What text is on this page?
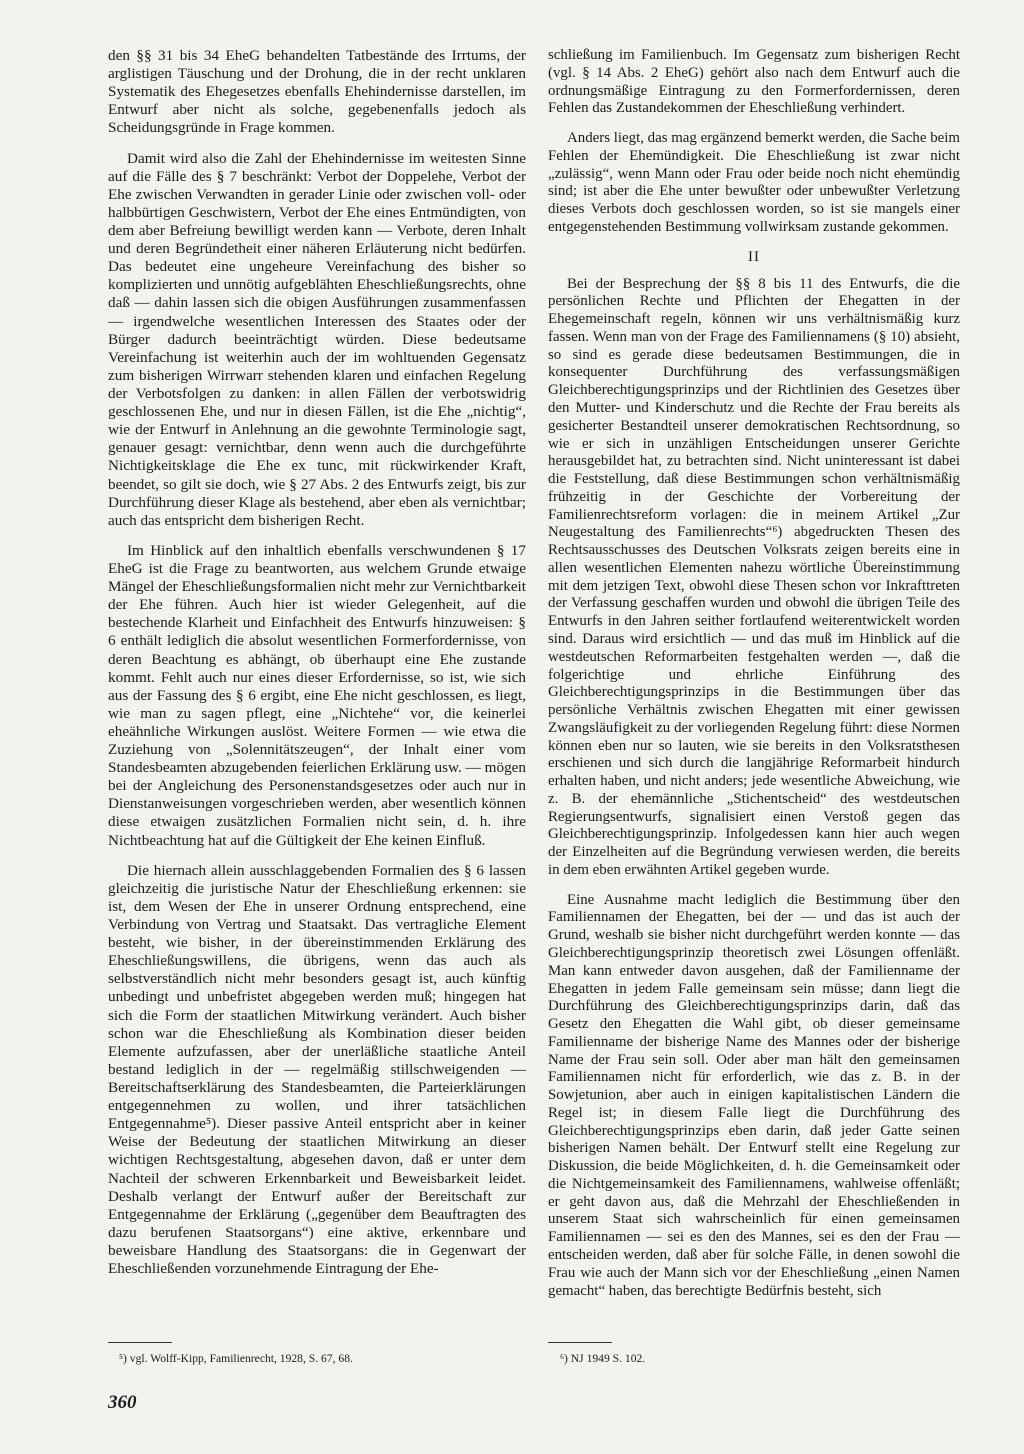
den §§ 31 bis 34 EheG behandelten Tatbestände des Irrtums, der arglistigen Täuschung und der Drohung, die in der recht unklaren Systematik des Ehegesetzes ebenfalls Ehehindernisse darstellen, im Entwurf aber nicht als solche, gegebenenfalls jedoch als Scheidungsgründe in Frage kommen.

Damit wird also die Zahl der Ehehindernisse im weitesten Sinne auf die Fälle des § 7 beschränkt: Verbot der Doppelehe, Verbot der Ehe zwischen Verwandten in gerader Linie oder zwischen voll- oder halbbürtigen Geschwistern, Verbot der Ehe eines Entmündigten, von dem aber Befreiung bewilligt werden kann — Verbote, deren Inhalt und deren Begründetheit einer näheren Erläuterung nicht bedürfen. Das bedeutet eine ungeheure Vereinfachung des bisher so komplizierten und unnötig aufgeblähten Eheschließungsrechts, ohne daß — dahin lassen sich die obigen Ausführungen zusammenfassen — irgendwelche wesentlichen Interessen des Staates oder der Bürger dadurch beeinträchtigt würden. Diese bedeutsame Vereinfachung ist weiterhin auch der im wohltuenden Gegensatz zum bisherigen Wirrwarr stehenden klaren und einfachen Regelung der Verbotsfolgen zu danken: in allen Fällen der verbotswidrig geschlossenen Ehe, und nur in diesen Fällen, ist die Ehe „nichtig“, wie der Entwurf in Anlehnung an die gewohnte Terminologie sagt, genauer gesagt: vernichtbar, denn wenn auch die durchgeführte Nichtigkeitsklage die Ehe ex tunc, mit rückwirkender Kraft, beendet, so gilt sie doch, wie § 27 Abs. 2 des Entwurfs zeigt, bis zur Durchführung dieser Klage als bestehend, aber eben als vernichtbar; auch das entspricht dem bisherigen Recht.

Im Hinblick auf den inhaltlich ebenfalls verschwundenen § 17 EheG ist die Frage zu beantworten, aus welchem Grunde etwaige Mängel der Eheschließungsformalien nicht mehr zur Vernichtbarkeit der Ehe führen. Auch hier ist wieder Gelegenheit, auf die bestechende Klarheit und Einfachheit des Entwurfs hinzuweisen: § 6 enthält lediglich die absolut wesentlichen Formerfordernisse, von deren Beachtung es abhängt, ob überhaupt eine Ehe zustande kommt. Fehlt auch nur eines dieser Erfordernisse, so ist, wie sich aus der Fassung des § 6 ergibt, eine Ehe nicht geschlossen, es liegt, wie man zu sagen pflegt, eine „Nichtehe“ vor, die keinerlei eheähnliche Wirkungen auslöst. Weitere Formen — wie etwa die Zuziehung von „Solennitätszeugen“, der Inhalt einer vom Standesbeamten abzugebenden feierlichen Erklärung usw. — mögen bei der Angleichung des Personenstandsgesetzes oder auch nur in Dienstanweisungen vorgeschrieben werden, aber wesentlich können diese etwaigen zusätzlichen Formalien nicht sein, d. h. ihre Nichtbeachtung hat auf die Gültigkeit der Ehe keinen Einfluß.

Die hiernach allein ausschlaggebenden Formalien des § 6 lassen gleichzeitig die juristische Natur der Eheschließung erkennen: sie ist, dem Wesen der Ehe in unserer Ordnung entsprechend, eine Verbindung von Vertrag und Staatsakt. Das vertragliche Element besteht, wie bisher, in der übereinstimmenden Erklärung des Eheschließungswillens, die übrigens, wenn das auch als selbstverständlich nicht mehr besonders gesagt ist, auch künftig unbedingt und unbefristet abgegeben werden muß; hingegen hat sich die Form der staatlichen Mitwirkung verändert. Auch bisher schon war die Eheschließung als Kombination dieser beiden Elemente aufzufassen, aber der unerläßliche staatliche Anteil bestand lediglich in der — regelmäßig stillschweigenden — Bereitschaftserklärung des Standesbeamten, die Parteierklärungen entgegennehmen zu wollen, und ihrer tatsächlichen Entgegennahme⁵). Dieser passive Anteil entspricht aber in keiner Weise der Bedeutung der staatlichen Mitwirkung an dieser wichtigen Rechtsgestaltung, abgesehen davon, daß er unter dem Nachteil der schweren Erkennbarkeit und Beweisbarkeit leidet. Deshalb verlangt der Entwurf außer der Bereitschaft zur Entgegennahme der Erklärung („gegenüber dem Beauftragten des dazu berufenen Staatsorgans“) eine aktive, erkennbare und beweisbare Handlung des Staatsorgans: die in Gegenwart der Eheschließenden vorzunehmende Eintragung der Ehe-

schließung im Familienbuch. Im Gegensatz zum bisherigen Recht (vgl. § 14 Abs. 2 EheG) gehört also nach dem Entwurf auch die ordnungsmäßige Eintragung zu den Formerfordernissen, deren Fehlen das Zustandekommen der Eheschließung verhindert.

Anders liegt, das mag ergänzend bemerkt werden, die Sache beim Fehlen der Ehemündigkeit. Die Eheschließung ist zwar nicht „zulässig“, wenn Mann oder Frau oder beide noch nicht ehemündig sind; ist aber die Ehe unter bewußter oder unbewußter Verletzung dieses Verbots doch geschlossen worden, so ist sie mangels einer entgegenstehenden Bestimmung vollwirksam zustande gekommen.

II

Bei der Besprechung der §§ 8 bis 11 des Entwurfs, die die persönlichen Rechte und Pflichten der Ehegatten in der Ehegemeinschaft regeln, können wir uns verhältnismäßig kurz fassen. Wenn man von der Frage des Familiennamens (§ 10) absieht, so sind es gerade diese bedeutsamen Bestimmungen, die in konsequenter Durchführung des verfassungsmäßigen Gleichberechtigungsprinzips und der Richtlinien des Gesetzes über den Mutter- und Kinderschutz und die Rechte der Frau bereits als gesicherter Bestandteil unserer demokratischen Rechtsordnung, so wie er sich in unzähligen Entscheidungen unserer Gerichte herausgebildet hat, zu betrachten sind. Nicht uninteressant ist dabei die Feststellung, daß diese Bestimmungen schon verhältnismäßig frühzeitig in der Geschichte der Vorbereitung der Familienrechtsreform vorlagen: die in meinem Artikel „Zur Neugestaltung des Familienrechts“⁶) abgedruckten Thesen des Rechtsausschusses des Deutschen Volksrats zeigen bereits eine in allen wesentlichen Elementen nahezu wörtliche Übereinstimmung mit dem jetzigen Text, obwohl diese Thesen schon vor Inkrafttreten der Verfassung geschaffen wurden und obwohl die übrigen Teile des Entwurfs in den Jahren seither fortlaufend weiterentwickelt worden sind. Daraus wird ersichtlich — und das muß im Hinblick auf die westdeutschen Reformarbeiten festgehalten werden —, daß die folgerichtige und ehrliche Einführung des Gleichberechtigungsprinzips in die Bestimmungen über das persönliche Verhältnis zwischen Ehegatten mit einer gewissen Zwangsläufigkeit zu der vorliegenden Regelung führt: diese Normen können eben nur so lauten, wie sie bereits in den Volksratsthesen erschienen und sich durch die langjährige Reformarbeit hindurch erhalten haben, und nicht anders; jede wesentliche Abweichung, wie z. B. der ehemännliche „Stichentscheid“ des westdeutschen Regierungsentwurfs, signalisiert einen Verstoß gegen das Gleichberechtigungsprinzip. Infolgedessen kann hier auch wegen der Einzelheiten auf die Begründung verwiesen werden, die bereits in dem eben erwähnten Artikel gegeben wurde.

Eine Ausnahme macht lediglich die Bestimmung über den Familiennamen der Ehegatten, bei der — und das ist auch der Grund, weshalb sie bisher nicht durchgeführt werden konnte — das Gleichberechtigungsprinzip theoretisch zwei Lösungen offenläßt. Man kann entweder davon ausgehen, daß der Familienname der Ehegatten in jedem Falle gemeinsam sein müsse; dann liegt die Durchführung des Gleichberechtigungsprinzips darin, daß das Gesetz den Ehegatten die Wahl gibt, ob dieser gemeinsame Familienname der bisherige Name des Mannes oder der bisherige Name der Frau sein soll. Oder aber man hält den gemeinsamen Familiennamen nicht für erforderlich, wie das z. B. in der Sowjetunion, aber auch in einigen kapitalistischen Ländern die Regel ist; in diesem Falle liegt die Durchführung des Gleichberechtigungsprinzips eben darin, daß jeder Gatte seinen bisherigen Namen behält. Der Entwurf stellt eine Regelung zur Diskussion, die beide Möglichkeiten, d. h. die Gemeinsamkeit oder die Nichtgemeinsamkeit des Familiennamens, wahlweise offenläßt; er geht davon aus, daß die Mehrzahl der Eheschließenden in unserem Staat sich wahrscheinlich für einen gemeinsamen Familiennamen — sei es den des Mannes, sei es den der Frau — entscheiden werden, daß aber für solche Fälle, in denen sowohl die Frau wie auch der Mann sich vor der Eheschließung „einen Namen gemacht“ haben, das berechtigte Bedürfnis besteht, sich

⁵) vgl. Wolff-Kipp, Familienrecht, 1928, S. 67, 68.	⁶) NJ 1949 S. 102.
360
